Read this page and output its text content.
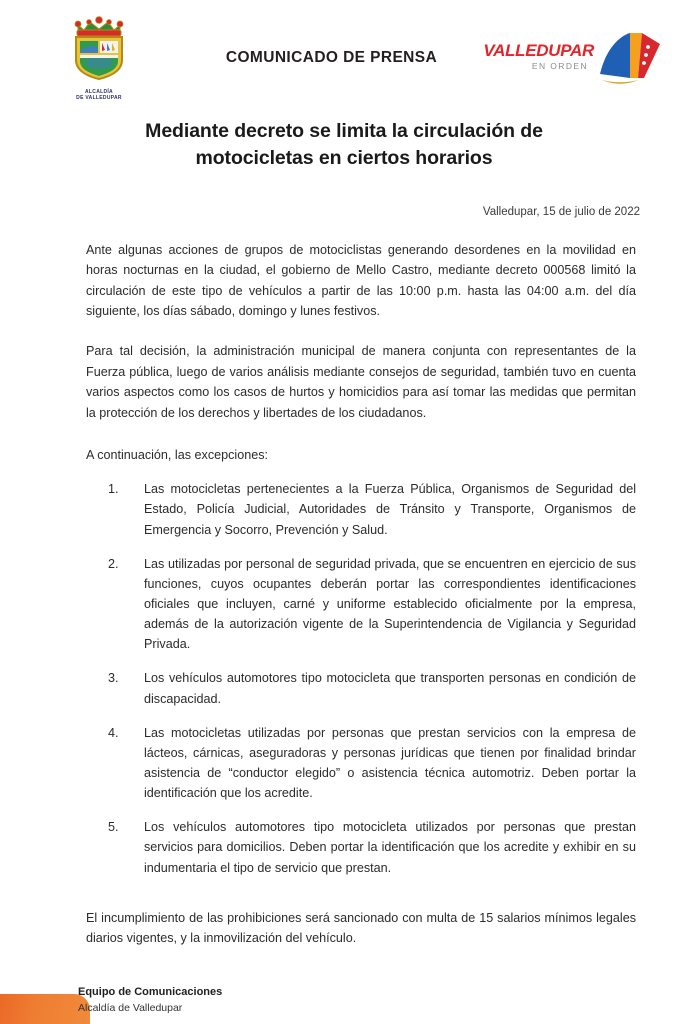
ALCALDÍA
DE VALLEDUPAR
COMUNICADO DE PRENSA	VALLEDUPAR
EN ORDEN
Mediante decreto se limita la circulación de motocicletas en ciertos horarios
Valledupar, 15 de julio de 2022

Ante algunas acciones de grupos de motociclistas generando desordenes en la movilidad en horas nocturnas en la ciudad, el gobierno de Mello Castro, mediante decreto 000568 limitó la circulación de este tipo de vehículos a partir de las 10:00 p.m. hasta las 04:00 a.m. del día siguiente, los días sábado, domingo y lunes festivos.

Para tal decisión, la administración municipal de manera conjunta con representantes de la Fuerza pública, luego de varios análisis mediante consejos de seguridad, también tuvo en cuenta varios aspectos como los casos de hurtos y homicidios para así tomar las medidas que permitan la protección de los derechos y libertades de los ciudadanos.

A continuación, las excepciones:

1.	Las motocicletas pertenecientes a la Fuerza Pública, Organismos de Seguridad del Estado, Policía Judicial, Autoridades de Tránsito y Transporte, Organismos de Emergencia y Socorro, Prevención y Salud.
2.	Las utilizadas por personal de seguridad privada, que se encuentren en ejercicio de sus funciones, cuyos ocupantes deberán portar las correspondientes identificaciones oficiales que incluyen, carné y uniforme establecido oficialmente por la empresa, además de la autorización vigente de la Superintendencia de Vigilancia y Seguridad Privada.
3.	Los vehículos automotores tipo motocicleta que transporten personas en condición de discapacidad.
4.	Las motocicletas utilizadas por personas que prestan servicios con la empresa de lácteos, cárnicas, aseguradoras y personas jurídicas que tienen por finalidad brindar asistencia de “conductor elegido” o asistencia técnica automotriz. Deben portar la identificación que los acredite.
5.	Los vehículos automotores tipo motocicleta utilizados por personas que prestan servicios para domicilios. Deben portar la identificación que los acredite y exhibir en su indumentaria el tipo de servicio que prestan.

El incumplimiento de las prohibiciones será sancionado con multa de 15 salarios mínimos legales diarios vigentes, y la inmovilización del vehículo.

Equipo de Comunicaciones
Alcaldía de Valledupar
